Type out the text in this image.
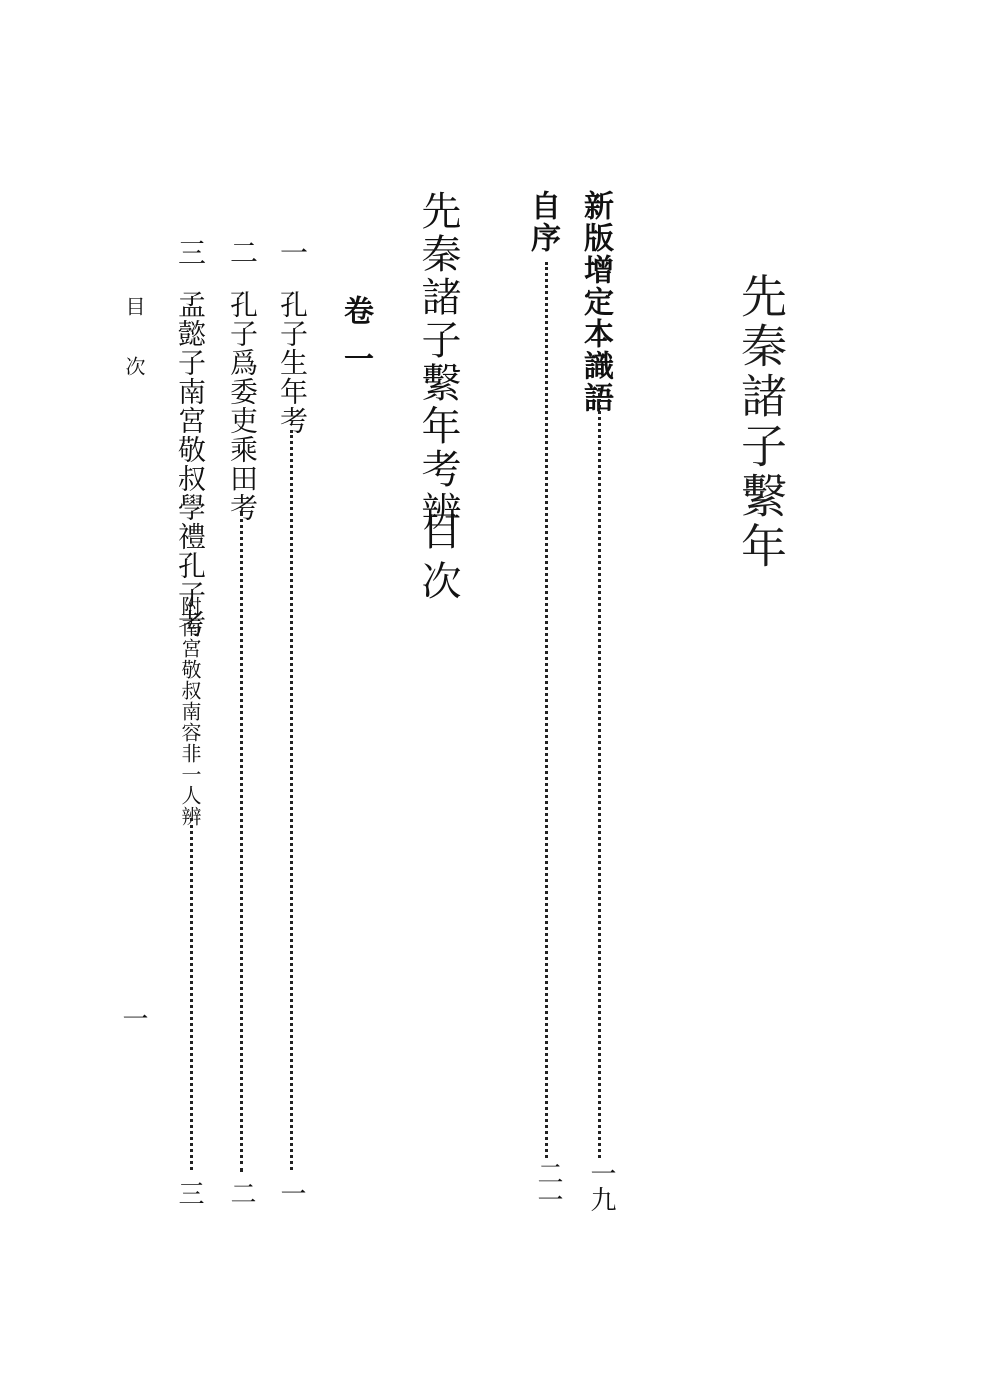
先秦諸子繫年
新版增定本識語
一九
自序
二一
先秦諸子繫年考辨
目次
卷一
一
孔子生年考
一
二
孔子爲委吏乘田考
二
三
孟懿子南宮敬叔學禮孔子考
附南宮敬叔南容非一人辨
三
目次
一
